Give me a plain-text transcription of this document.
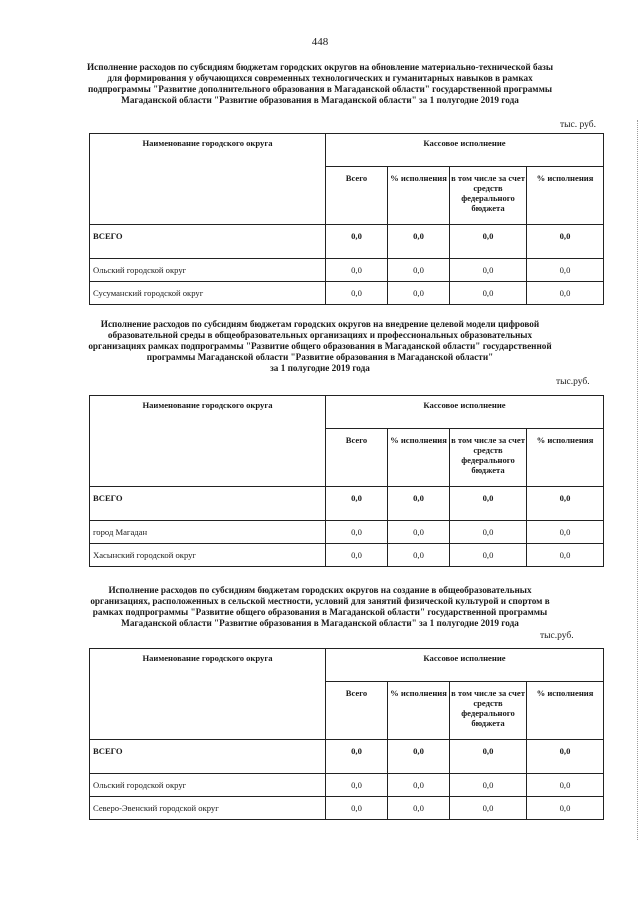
448
Исполнение расходов по субсидиям бюджетам городских округов на обновление материально-технической базы
для формирования у обучающихся современных технологических и гуманитарных навыков в рамках
подпрограммы "Развитие дополнительного образования в Магаданской области" государственной программы
Магаданской области "Развитие образования в Магаданской области" за 1 полугодие 2019 года
тыс. руб.
Наименование городского округа	Кассовое исполнение			
	Всего	% исполнения	в том числе за счет средств федерального бюджета	% исполнения
ВСЕГО	0,0	0,0	0,0	0,0
Ольский городской округ	0,0	0,0	0,0	0,0
Сусуманский городской округ	0,0	0,0	0,0	0,0
Исполнение расходов по субсидиям бюджетам городских округов на внедрение целевой модели цифровой
образовательной среды в общеобразовательных организациях и профессиональных образовательных
организациях рамках подпрограммы "Развитие общего образования в Магаданской области" государственной
программы Магаданской области "Развитие образования в Магаданской области"
за 1 полугодие 2019 года
тыс.руб.
Наименование городского округа	Кассовое исполнение			
	Всего	% исполнения	в том числе за счет средств федерального бюджета	% исполнения
ВСЕГО	0,0	0,0	0,0	0,0
город Магадан	0,0	0,0	0,0	0,0
Хасынский городской округ	0,0	0,0	0,0	0,0
Исполнение расходов по субсидиям бюджетам городских округов на создание в общеобразовательных
организациях, расположенных в сельской местности, условий для занятий физической культурой и спортом в
рамках подпрограммы "Развитие общего образования в Магаданской области" государственной программы
Магаданской области "Развитие образования в Магаданской области" за 1 полугодие 2019 года
тыс.руб.
Наименование городского округа	Кассовое исполнение			
	Всего	% исполнения	в том числе за счет средств федерального бюджета	% исполнения
ВСЕГО	0,0	0,0	0,0	0,0
Ольский городской округ	0,0	0,0	0,0	0,0
Северо-Эвенский городской округ	0,0	0,0	0,0	0,0
